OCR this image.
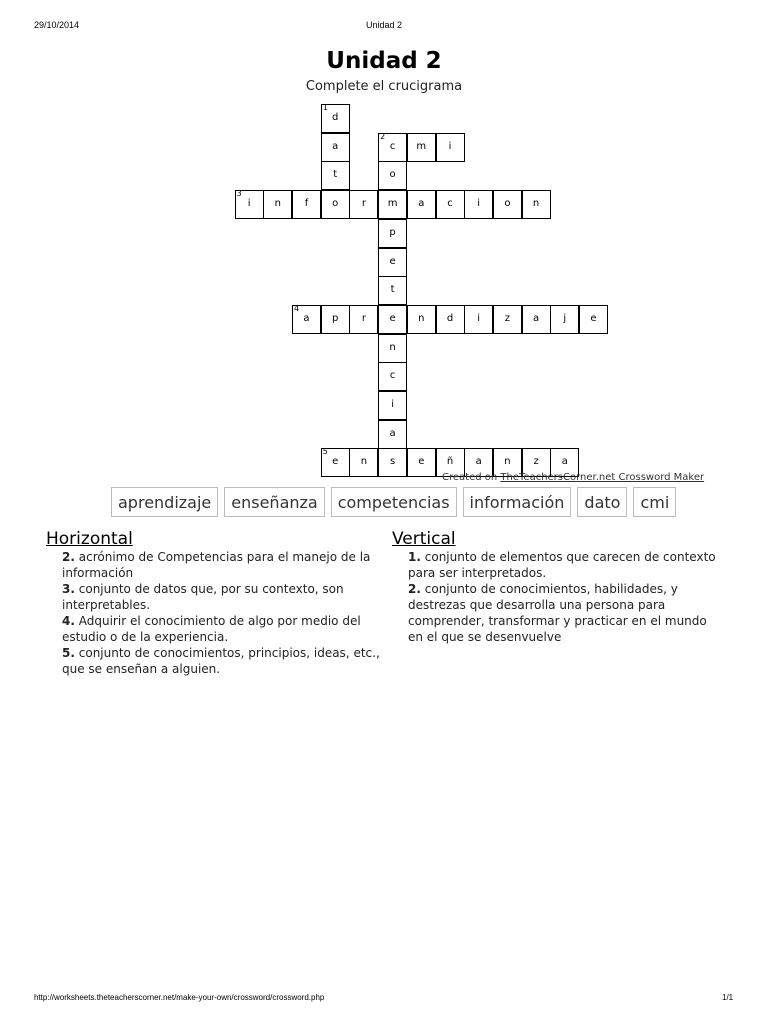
29/10/2014	Unidad 2
Unidad 2
Complete el crucigrama
1
d
a
t
o
2
c	m	i
o
m
p
e
t
e
n
c
i
a
3
i	n	f	r	a	c	i	o	n
4
a	p	r	n	d	i	z	a	j	e
5
e	n	s	e	ñ	a	n	z	a
Created on TheTeachersCorner.net Crossword Maker
aprendizaje	enseñanza	competencias	información	dato	cmi
Horizontal

2. acrónimo de Competencias para el manejo de la información

3. conjunto de datos que, por su contexto, son interpretables.

4. Adquirir el conocimiento de algo por medio del estudio o de la experiencia.

5. conjunto de conocimientos, principios, ideas, etc., que se enseñan a alguien.

Vertical

1. conjunto de elementos que carecen de contexto para ser interpretados.

2. conjunto de conocimientos, habilidades, y destrezas que desarrolla una persona para comprender, transformar y practicar en el mundo en el que se desenvuelve

http://worksheets.theteacherscorner.net/make-your-own/crossword/crossword.php	1/1
